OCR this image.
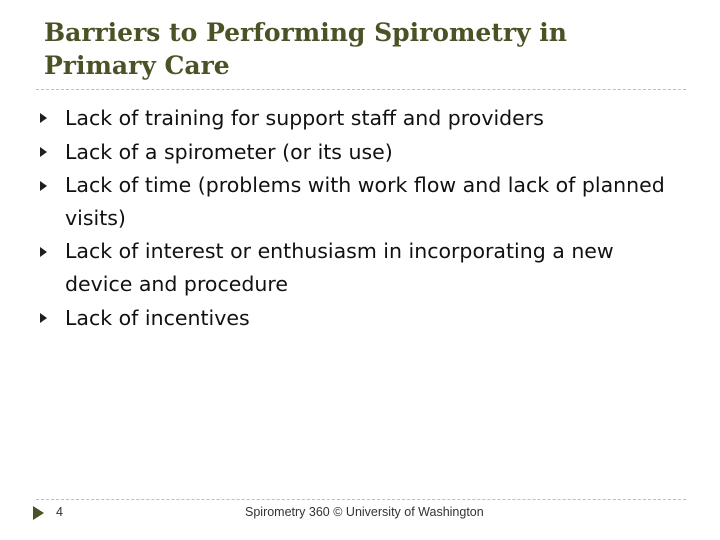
Barriers to Performing Spirometry in Primary Care
Lack of training for support staff and providers
Lack of a spirometer (or its use)
Lack of time (problems with work flow and lack of planned visits)
Lack of interest or enthusiasm in incorporating a new device and procedure
Lack of incentives
4	Spirometry 360 © University of Washington
